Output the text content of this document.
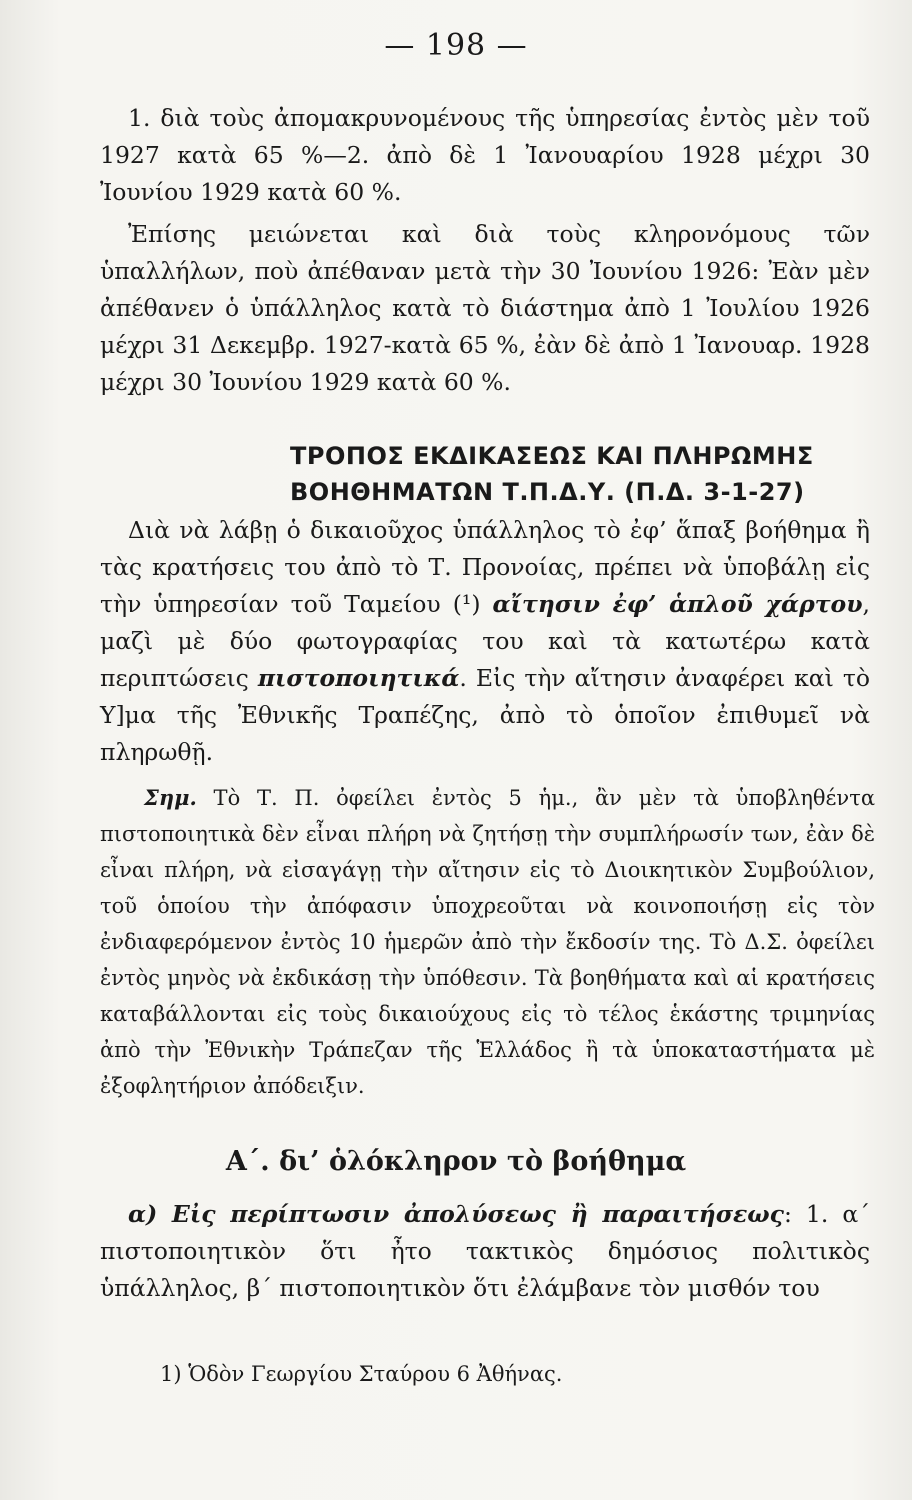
— 198 —
1. διὰ τοὺς ἀπομακρυνομένους τῆς ὑπηρεσίας ἐντὸς μὲν τοῦ 1927 κατὰ 65 %—2. ἀπὸ δὲ 1 Ἰανουαρίου 1928 μέχρι 30 Ἰουνίου 1929 κατὰ 60 %.
Ἐπίσης μειώνεται καὶ διὰ τοὺς κληρονόμους τῶν ὑπαλλήλων, ποὺ ἀπέθαναν μετὰ τὴν 30 Ἰουνίου 1926: Ἐὰν μὲν ἀπέθανεν ὁ ὑπάλληλος κατὰ τὸ διάστημα ἀπὸ 1 Ἰουλίου 1926 μέχρι 31 Δεκεμβρ. 1927-κατὰ 65 %, ἐὰν δὲ ἀπὸ 1 Ἰανουαρ. 1928 μέχρι 30 Ἰουνίου 1929 κατὰ 60 %.
ΤΡΟΠΟΣ ΕΚΔΙΚΑΣΕΩΣ ΚΑΙ ΠΛΗΡΩΜΗΣ
ΒΟΗΘΗΜΑΤΩΝ Τ.Π.Δ.Υ. (Π.Δ. 3-1-27)
Διὰ νὰ λάβῃ ὁ δικαιοῦχος ὑπάλληλος τὸ ἐφ’ ἅπαξ βοήθημα ἢ τὰς κρατήσεις του ἀπὸ τὸ Τ. Προνοίας, πρέπει νὰ ὑποβάλῃ εἰς τὴν ὑπηρεσίαν τοῦ Ταμείου (¹) αἴτησιν ἐφ’ ἁπλοῦ χάρτου, μαζὶ μὲ δύο φωτογραφίας του καὶ τὰ κατωτέρω κατὰ περιπτώσεις πιστοποιητικά. Εἰς τὴν αἴτησιν ἀναφέρει καὶ τὸ Υ]μα τῆς Ἐθνικῆς Τραπέζης, ἀπὸ τὸ ὁποῖον ἐπιθυμεῖ νὰ πληρωθῇ.
Σημ. Τὸ Τ. Π. ὀφείλει ἐντὸς 5 ἡμ., ἂν μὲν τὰ ὑποβληθέντα πιστοποιητικὰ δὲν εἶναι πλήρη νὰ ζητήσῃ τὴν συμπλήρωσίν των, ἐὰν δὲ εἶναι πλήρη, νὰ εἰσαγάγῃ τὴν αἴτησιν εἰς τὸ Διοικητικὸν Συμβούλιον, τοῦ ὁποίου τὴν ἀπόφασιν ὑποχρεοῦται νὰ κοινοποιήσῃ εἰς τὸν ἐνδιαφερόμενον ἐντὸς 10 ἡμερῶν ἀπὸ τὴν ἔκδοσίν της. Τὸ Δ.Σ. ὀφείλει ἐντὸς μηνὸς νὰ ἐκδικάσῃ τὴν ὑπόθεσιν. Τὰ βοηθήματα καὶ αἱ κρατήσεις καταβάλλονται εἰς τοὺς δικαιούχους εἰς τὸ τέλος ἑκάστης τριμηνίας ἀπὸ τὴν Ἐθνικὴν Τράπεζαν τῆς Ἑλλάδος ἢ τὰ ὑποκαταστήματα μὲ ἐξοφλητήριον ἀπόδειξιν.
Α΄. δι’ ὁλόκληρον τὸ βοήθημα
α) Εἰς περίπτωσιν ἀπολύσεως ἢ παραιτήσεως: 1. α΄ πιστοποιητικὸν ὅτι ἦτο τακτικὸς δημόσιος πολιτικὸς ὑπάλληλος, β΄ πιστοποιητικὸν ὅτι ἐλάμβανε τὸν μισθόν του
1) Ὁδὸν Γεωργίου Σταύρου 6 Ἀθήνας.
